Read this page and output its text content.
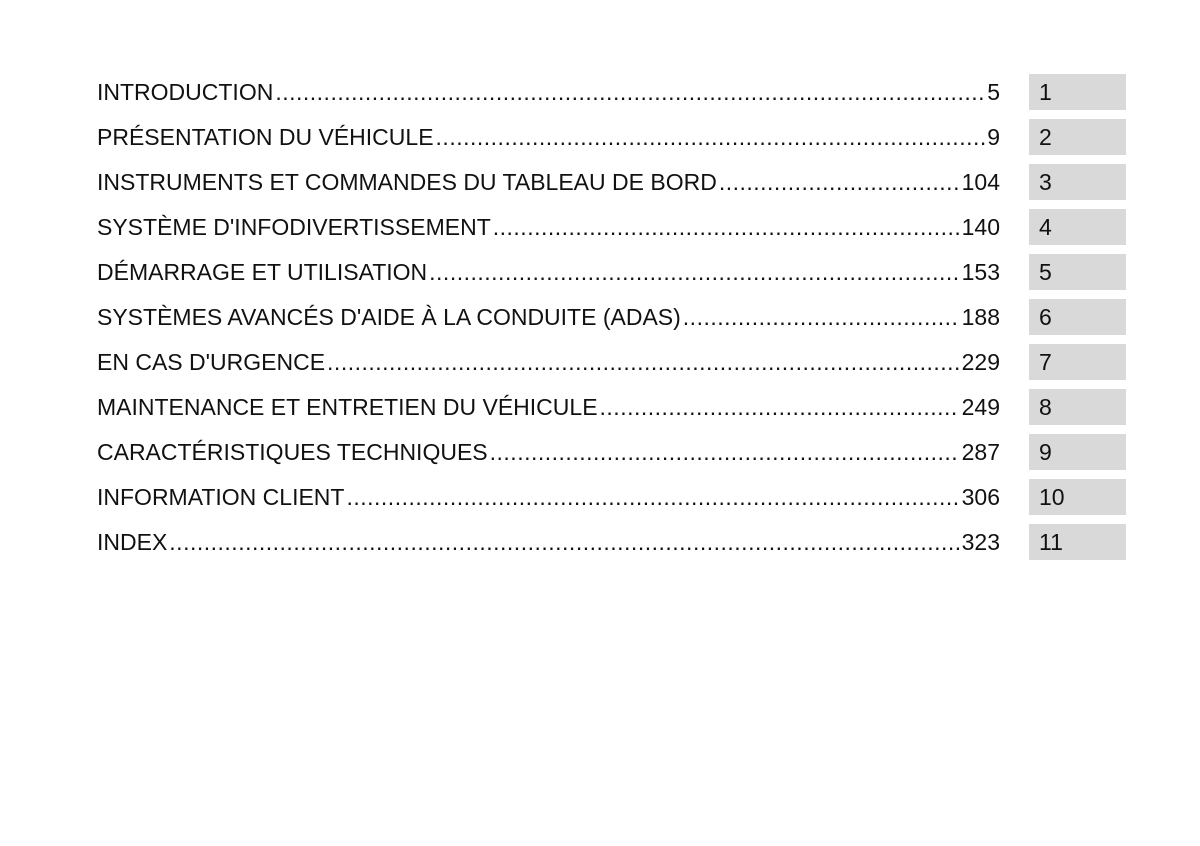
INTRODUCTION .....	5	1
PRÉSENTATION DU VÉHICULE .....	9	2
INSTRUMENTS ET COMMANDES DU TABLEAU DE BORD .....	104	3
SYSTÈME D'INFODIVERTISSEMENT .....	140	4
DÉMARRAGE ET UTILISATION .....	153	5
SYSTÈMES AVANCÉS D'AIDE À LA CONDUITE (ADAS) .....	188	6
EN CAS D'URGENCE .....	229	7
MAINTENANCE ET ENTRETIEN DU VÉHICULE .....	249	8
CARACTÉRISTIQUES TECHNIQUES .....	287	9
INFORMATION CLIENT .....	306	10
INDEX .....	323	11
